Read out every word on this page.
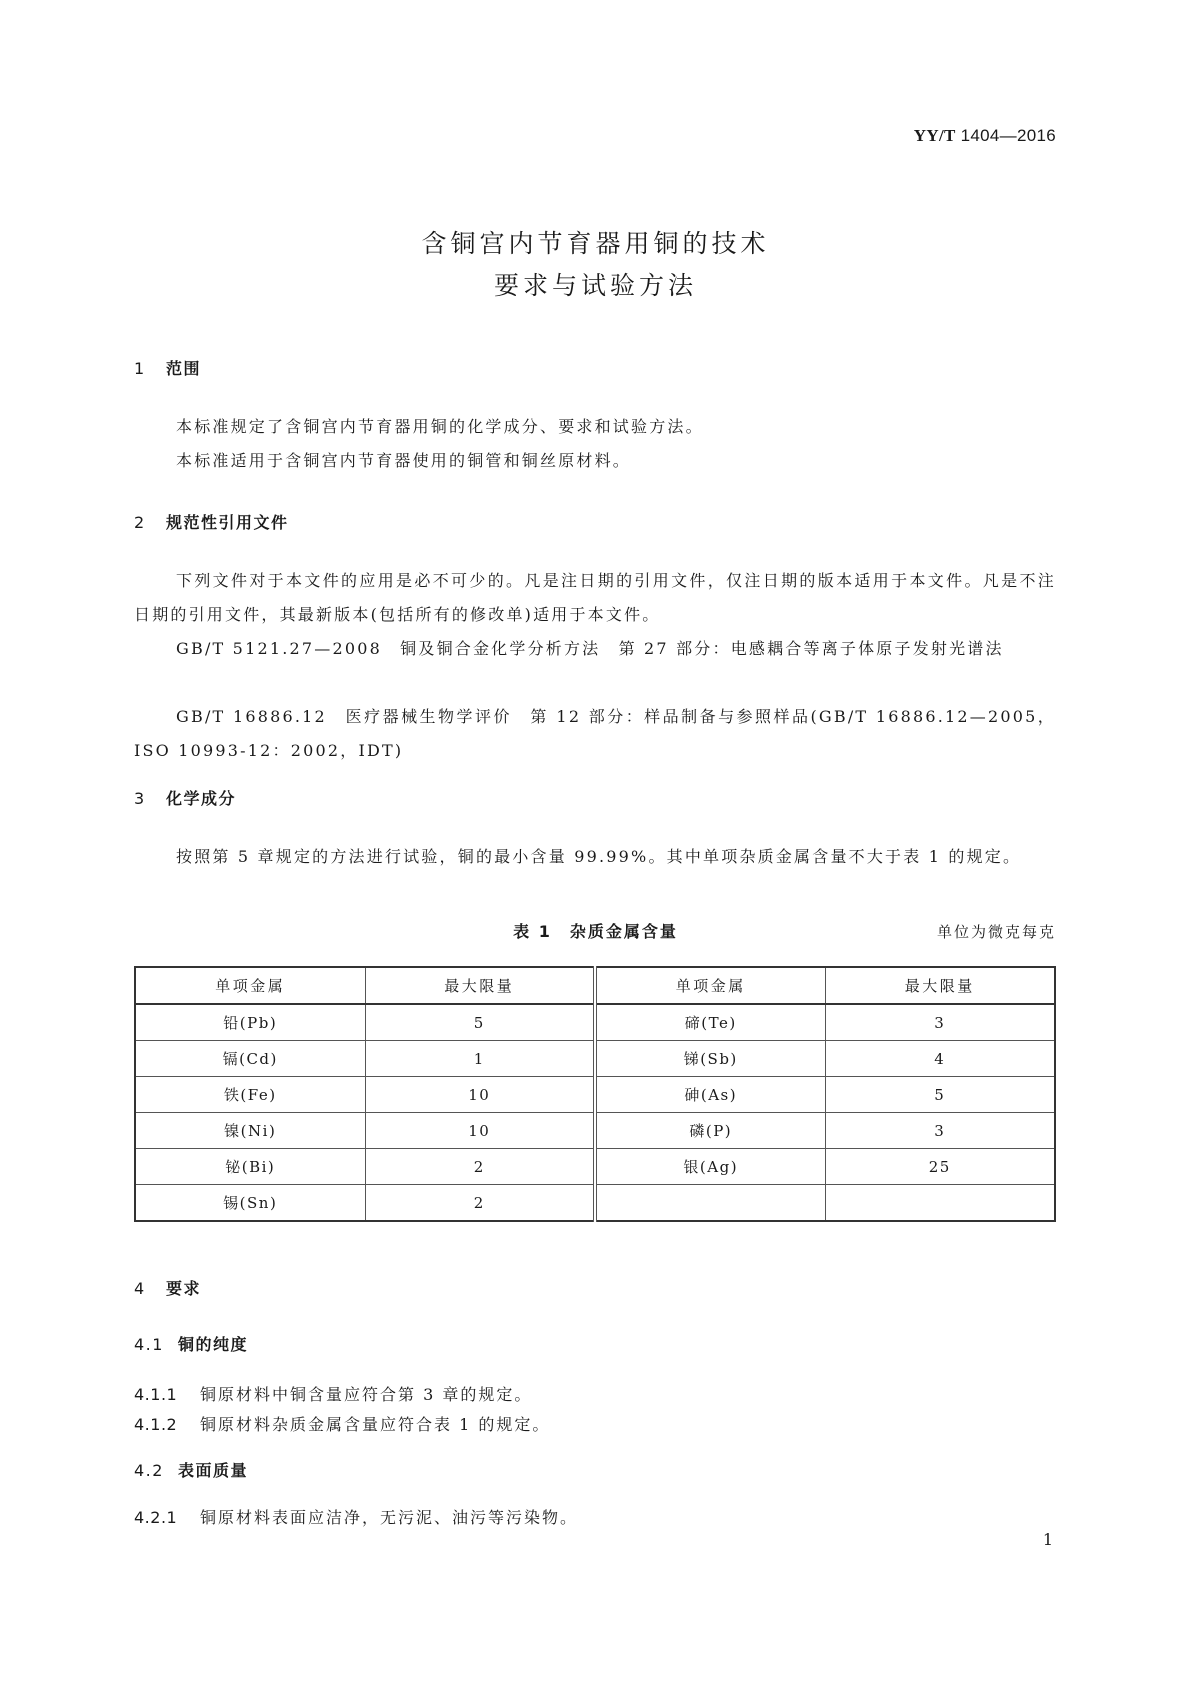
YY/T 1404—2016
含铜宫内节育器用铜的技术
要求与试验方法
1 范围
本标准规定了含铜宫内节育器用铜的化学成分、要求和试验方法。
本标准适用于含铜宫内节育器使用的铜管和铜丝原材料。
2 规范性引用文件
下列文件对于本文件的应用是必不可少的。凡是注日期的引用文件，仅注日期的版本适用于本文件。凡是不注日期的引用文件，其最新版本(包括所有的修改单)适用于本文件。
GB/T 5121.27—2008　铜及铜合金化学分析方法　第 27 部分：电感耦合等离子体原子发射光谱法
GB/T 16886.12　医疗器械生物学评价　第 12 部分：样品制备与参照样品(GB/T 16886.12—2005，ISO 10993-12：2002，IDT)
3 化学成分
按照第 5 章规定的方法进行试验，铜的最小含量 99.99%。其中单项杂质金属含量不大于表 1 的规定。
表 1　杂质金属含量	单位为微克每克
单项金属	最大限量	单项金属	最大限量
铅(Pb)	5	碲(Te)	3
镉(Cd)	1	锑(Sb)	4
铁(Fe)	10	砷(As)	5
镍(Ni)	10	磷(P)	3
铋(Bi)	2	银(Ag)	25
锡(Sn)	2		
4 要求
4.1 铜的纯度
4.1.1 铜原材料中铜含量应符合第 3 章的规定。
4.1.2 铜原材料杂质金属含量应符合表 1 的规定。
4.2 表面质量
4.2.1 铜原材料表面应洁净，无污泥、油污等污染物。
1
